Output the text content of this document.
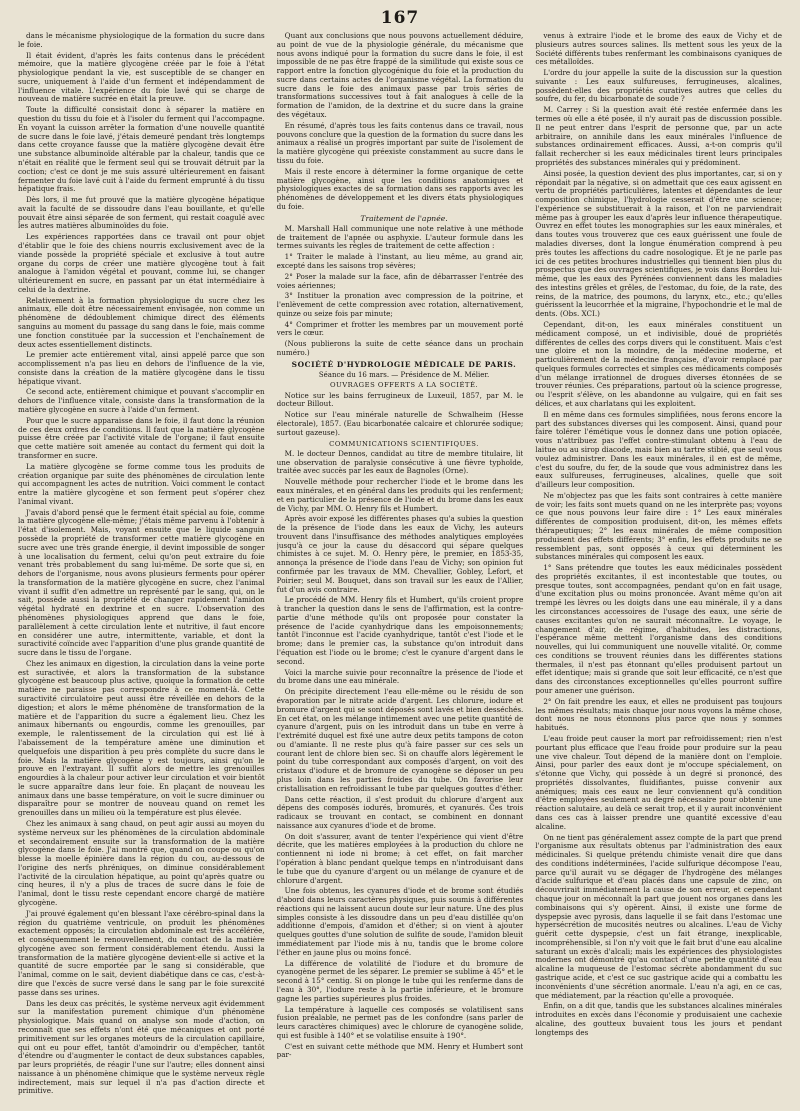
167

dans le mécanisme physiologique de la formation du sucre dans le foie.

Il était évident, d'après les faits contenus dans le précédent mémoire, que la matière glycogène créée par le foie à l'état physiologique pendant la vie, est susceptible de se changer en sucre, uniquement à l'aide d'un ferment et indépendamment de l'influence vitale. L'expérience du foie lavé qui se charge de nouveau de matière sucrée en était la preuve.

Toute la difficulté consistait donc à séparer la matière en question du tissu du foie et à l'isoler du ferment qui l'accompagne. En voyant la cuisson arrêter la formation d'une nouvelle quantité de sucre dans le foie lavé, j'étais demeuré pendant très longtemps dans cette croyance fausse que la matière glycogène devait être une substance albuminoïde altérable par la chaleur, tandis que ce n'était en réalité que le ferment seul qui se trouvait détruit par la coction; c'est ce dont je me suis assuré ultérieurement en faisant fermenter du foie lavé cuit à l'aide du ferment emprunté à du tissu hépatique frais.

Dès lors, il me fut prouvé que la matière glycogène hépatique avait la faculté de se dissoudre dans l'eau bouillante, et qu'elle pouvait être ainsi séparée de son ferment, qui restait coagulé avec les autres matières albuminoïdes du foie.

Les expériences rapportées dans ce travail ont pour objet d'établir que le foie des chiens nourris exclusivement avec de la viande possède la propriété spéciale et exclusive à tout autre organe du corps de créer une matière glycogène tout à fait analogue à l'amidon végétal et pouvant, comme lui, se changer ultérieurement en sucre, en passant par un état intermédiaire à celui de la dextrine.

Relativement à la formation physiologique du sucre chez les animaux, elle doit être nécessairement envisagée, non comme un phénomène de dédoublement chimique direct des éléments sanguins au moment du passage du sang dans le foie, mais comme une fonction constituée par la succession et l'enchaînement de deux actes essentiellement distincts.

Le premier acte entièrement vital, ainsi appelé parce que son accomplissement n'a pas lieu en dehors de l'influence de la vie, consiste dans la création de la matière glycogène dans le tissu hépatique vivant.

Ce second acte, entièrement chimique et pouvant s'accomplir en dehors de l'influence vitale, consiste dans la transformation de la matière glycogène en sucre à l'aide d'un ferment.

Pour que le sucre apparaisse dans le foie, il faut donc la réunion de ces deux ordres de conditions. Il faut que la matière glycogène puisse être créée par l'activité vitale de l'organe; il faut ensuite que cette matière soit amenée au contact du ferment qui doit la transformer en sucre.

La matière glycogène se forme comme tous les produits de création organique par suite des phénomènes de circulation lente qui accompagnent les actes de nutrition. Voici comment le contact entre la matière glycogène et son ferment peut s'opérer chez l'animal vivant.

J'avais d'abord pensé que le ferment était spécial au foie, comme la matière glycogène elle-même; j'étais même parvenu à l'obtenir à l'état d'isolement. Mais, voyant ensuite que le liquide sanguin possède la propriété de transformer cette matière glycogène en sucre avec une très grande énergie, il devint impossible de songer à une localisation du ferment, celui qu'on peut extraire du foie venant très probablement du sang lui-même. De sorte que si, en dehors de l'organisme, nous avons plusieurs ferments pour opérer la transformation de la matière glycogène en sucre, chez l'animal vivant il suffit d'en admettre un représenté par le sang, qui, on le sait, possède aussi la propriété de changer rapidement l'amidon végétal hydraté en dextrine et en sucre. L'observation des phénomènes physiologiques apprend que dans le foie, parallèlement à cette circulation lente et nutritive, il faut encore en considérer une autre, intermittente, variable, et dont la suractivité coïncide avec l'apparition d'une plus grande quantité de sucre dans le tissu de l'organe.

Chez les animaux en digestion, la circulation dans la veine porte est suractivée, et alors la transformation de la substance glycogène est beaucoup plus active, quoique la formation de cette matière ne paraisse pas correspondre à ce moment-là. Cette suractivité circulatoire peut aussi être réveillée en dehors de la digestion; et alors le même phénomène de transformation de la matière et de l'apparition du sucre a également lieu. Chez les animaux hibernants ou engourdis, comme les grenouilles, par exemple, le ralentissement de la circulation qui est lié à l'abaissement de la température amène une diminution et quelquefois une disparition à peu près complète du sucre dans le foie. Mais la matière glycogène y est toujours, ainsi qu'on le prouve en l'extrayant. Il suffit alors de mettre les grenouilles engourdies à la chaleur pour activer leur circulation et voir bientôt le sucre apparaître dans leur foie. En plaçant de nouveau les animaux dans une basse température, on voit le sucre diminuer ou disparaître pour se montrer de nouveau quand on remet les grenouilles dans un milieu où la température est plus élevée.

Chez les animaux à sang chaud, on peut agir aussi au moyen du système nerveux sur les phénomènes de la circulation abdominale et secondairement ensuite sur la transformation de la matière glycogène dans le foie. J'ai montré que, quand on coupe ou qu'on blesse la moelle épinière dans la région du cou, au-dessous de l'origine des nerfs phréniques, on diminue considérablement l'activité de la circulation hépatique, au point qu'après quatre ou cinq heures, il n'y a plus de traces de sucre dans le foie de l'animal, dont le tissu reste cependant encore chargé de matière glycogène.

J'ai prouvé également qu'en blessant l'axe cérébro-spinal dans la région du quatrième ventricule, on produit les phénomènes exactement opposés; la circulation abdominale est très accélérée, et conséquemment le renouvellement, du contact de la matière glycogène avec son ferment considérablement étendu. Aussi la transformation de la matière glycogène devient-elle si active et la quantité de sucre emportée par le sang si considérable, que l'animal, comme on le sait, devient diabétique dans ce cas, c'est-à-dire que l'excès de sucre versé dans le sang par le foie surexcité passe dans ses urines.

Dans les deux cas précités, le système nerveux agit évidemment sur la manifestation purement chimique d'un phénomène physiologique. Mais quand on analyse son mode d'action, on reconnaît que ses effets n'ont été que mécaniques et ont porté primitivement sur les organes moteurs de la circulation capillaire, qui ont eu pour effet, tantôt d'amoindrir ou d'empêcher, tantôt d'étendre ou d'augmenter le contact de deux substances capables, par leurs propriétés, de réagir l'une sur l'autre; elles donnent ainsi naissance à un phénomène chimique que le système nerveux règle indirectement, mais sur lequel il n'a pas d'action directe et primitive.

Quant aux conclusions que nous pouvons actuellement déduire, au point de vue de la physiologie générale, du mécanisme que nous avons indiqué pour la formation du sucre dans le foie, il est impossible de ne pas être frappé de la similitude qui existe sous ce rapport entre la fonction glycogénique du foie et la production du sucre dans certains actes de l'organisme végétal. La formation du sucre dans le foie des animaux passe par trois séries de transformations successives tout à fait analogues à celle de la formation de l'amidon, de la dextrine et du sucre dans la graine des végétaux.

En résumé, d'après tous les faits contenus dans ce travail, nous pouvons conclure que la question de la formation du sucre dans les animaux a réalisé un progrès important par suite de l'isolement de la matière glycogène qui préexiste constamment au sucre dans le tissu du foie.

Mais il reste encore à déterminer la forme organique de cette matière glycogène, ainsi que les conditions anatomiques et physiologiques exactes de sa formation dans ses rapports avec les phénomènes de développement et les divers états physiologiques du foie.

Traitement de l'apnée.

M. Marshall Hall communique une note relative à une méthode de traitement de l'apnée ou asphyxie. L'auteur formule dans les termes suivants les règles de traitement de cette affection :

1° Traiter le malade à l'instant, au lieu même, au grand air, excepté dans les saisons trop sévères;

2° Poser la malade sur la face, afin de débarrasser l'entrée des voies aériennes;

3° Instituer la pronation avec compression de la poitrine, et l'enlèvement de cette compression avec rotation, alternativement, quinze ou seize fois par minute;

4° Comprimer et frotter les membres par un mouvement porté vers le cœur.

(Nous publierons la suite de cette séance dans un prochain numéro.)

SOCIÉTÉ D'HYDROLOGIE MÉDICALE DE PARIS.

Séance du 16 mars. — Présidence de M. Mélier.

OUVRAGES OFFERTS A LA SOCIÉTÉ.

Notice sur les bains ferrugineux de Luxeuil, 1857, par M. le docteur Billout.

Notice sur l'eau minérale naturelle de Schwalheim (Hesse électorale), 1857. (Eau bicarbonatée calcaire et chlorurée sodique; surtout gazeuse).

COMMUNICATIONS SCIENTIFIQUES.

M. le docteur Dennos, candidat au titre de membre titulaire, lit une observation de paralysie consécutive à une fièvre typhoïde, traitée avec succès par les eaux de Bagnoles (Orne).

Nouvelle méthode pour rechercher l'iode et le brome dans les eaux minérales, et en général dans les produits qui les renferment; et en particulier de la présence de l'iode et du brome dans les eaux de Vichy, par MM. O. Henry fils et Humbert.

Après avoir exposé les différentes phases qu'a subies la question de la présence de l'iode dans les eaux de Vichy, les auteurs trouvent dans l'insuffisance des méthodes analytiques employées jusqu'à ce jour la cause du désaccord qui sépare quelques chimistes à ce sujet. M. O. Henry père, le premier, en 1853-35, annonça la présence de l'iode dans l'eau de Vichy; son opinion fut confirmée par les travaux de MM. Chevallier, Gobley, Lefort, et Poirier; seul M. Bouquet, dans son travail sur les eaux de l'Allier, fut d'un avis contraire.

Le procédé de MM. Henry fils et Humbert, qu'ils croient propre à trancher la question dans le sens de l'affirmation, est la contre-partie d'une méthode qu'ils ont proposée pour constater la présence de l'acide cyanhydrique dans les empoisonnements; tantôt l'inconnue est l'acide cyanhydrique, tantôt c'est l'iode et le brome; dans le premier cas, la substance qu'on introduit dans l'équation est l'iode ou le brome; c'est le cyanure d'argent dans le second.

Voici la marche suivie pour reconnaître la présence de l'iode et du brome dans une eau minérale.

On précipite directement l'eau elle-même ou le résidu de son évaporation par le nitrate acide d'argent. Les chlorure, iodure et bromure d'argent qui se sont déposés sont lavés et bien desséchés. En cet état, on les mélange intimement avec une petite quantité de cyanure d'argent, puis on les introduit dans un tube en verre à l'extrémité duquel est fixé une autre deux petits tampons de coton ou d'amiante. Il ne reste plus qu'à faire passer sur ces sels un courant lent de chlore bien sec. Si on chauffe alors légèrement le point du tube correspondant aux composés d'argent, on voit des cristaux d'iodure et de bromure de cyanogène se déposer un peu plus loin dans les parties froides du tube. On favorise leur cristallisation en refroidissant le tube par quelques gouttes d'éther.

Dans cette réaction, il s'est produit du chlorure d'argent aux dépens des composés iodurés, bromurés, et cyanurés. Ces trois radicaux se trouvant en contact, se combinent en donnant naissance aux cyanures d'iode et de brome.

On doit s'assurer, avant de tenter l'expérience qui vient d'être décrite, que les matières employées à la production du chlore ne contiennent ni iode ni brome; à cet effet, on fait marcher l'opération à blanc pendant quelque temps en n'introduisant dans le tube que du cyanure d'argent ou un mélange de cyanure et de chlorure d'argent.

Une fois obtenus, les cyanures d'iode et de brome sont étudiés d'abord dans leurs caractères physiques, puis soumis à différentes réactions qui ne laissent aucun doute sur leur nature. Une des plus simples consiste à les dissoudre dans un peu d'eau distillée qu'on additionne d'empois, d'amidon et d'éther; si on vient à ajouter quelques gouttes d'une solution de sulfite de soude, l'amidon bleuit immédiatement par l'iode mis à nu, tandis que le brome colore l'éther en jaune plus ou moins foncé.

La différence de volatilité de l'iodure et du bromure de cyanogène permet de les séparer. Le premier se sublime à 45° et le second à 15° centig. Si on plonge le tube qui les renferme dans de l'eau à 30°, l'iodure reste à la partie inférieure, et le bromure gagne les parties supérieures plus froides.

La température à laquelle ces composés se volatilisent sans fusion préalable, ne permet pas de les confondre (sans parler de leurs caractères chimiques) avec le chlorure de cyanogène solide, qui est fusible à 140° et se volatilise ensuite à 190°.

C'est en suivant cette méthode que MM. Henry et Humbert sont par-

venus à extraire l'iode et le brome des eaux de Vichy et de plusieurs autres sources salines. Ils mettent sous les yeux de la Société différents tubes renfermant les combinaisons cyaniques de ces métalloïdes.

L'ordre du jour appelle la suite de la discussion sur la question suivante : Les eaux sulfureuses, ferrugineuses, alcalines, possèdent-elles des propriétés curatives autres que celles du soufre, du fer, du bicarbonate de soude ?

M. Carrey : Si la question avait été restée enfermée dans les termes où elle a été posée, il n'y aurait pas de discussion possible. Il ne peut entrer dans l'esprit de personne que, par un acte arbitraire, on annihile dans les eaux minérales l'influence de substances ordinairement efficaces. Aussi, a-t-on compris qu'il fallait rechercher si les eaux médicinales tirent leurs principales propriétés des substances minérales qui y prédominent.

Ainsi posée, la question devient des plus importantes, car, si on y répondait par la négative, si on admettait que ces eaux agissent en vertu de propriétés particulières, latentes et dépendantes de leur composition chimique, l'hydrologie cesserait d'être une science; l'expérience se substituerait à la raison, et l'on ne parviendrait même pas à grouper les eaux d'après leur influence thérapeutique. Ouvrez en effet toutes les monographies sur les eaux minérales, et dans toutes vous trouverez que ces eaux guérissent une foule de maladies diverses, dont la longue énumération comprend à peu près toutes les affections du cadre nosologique. Et je ne parle pas ici de ces petites brochures industrielles qui tiennent bien plus du prospectus que des ouvrages scientifiques, je vois dans Bordeu lui-même, que les eaux des Pyrénées conviennent dans les maladies des intestins grêles et grêles, de l'estomac, du foie, de la rate, des reins, de la matrice, des poumons, du larynx, etc., etc.; qu'elles guérissent la leucorrhée et la migraine, l'hypochondrie et le mal de dents. (Obs. XCI.)

Cependant, dit-on, les eaux minérales constituent un médicament composé, un et indivisible, doué de propriétés différentes de celles des corps divers qui le constituent. Mais c'est une gloire et non la moindre, de la médecine moderne, et particulièrement de la médecine française, d'avoir remplacé par quelques formules correctes et simples ces médicaments composés d'un mélange irrationnel de drogues diverses étonnées de se trouver réunies. Ces préparations, partout où la science progresse, ou l'esprit s'élève, on les abandonne au vulgaire, qui en fait ses délices, et aux charlatans qui les exploitent.

Il en même dans ces formules simplifiées, nous ferons encore la part des substances diverses qui les composent. Ainsi, quand pour faire tolérer l'émétique vous le donnez dans une potion opiacée, vous n'attribuez pas l'effet contre-stimulant obtenu à l'eau de laitue ou au sirop diacode, mais bien au tartre stibié, que seul vous voulez administrer. Dans les eaux minérales, il en est de même, c'est du soufre, du fer, de la soude que vous administrez dans les eaux sulfureuses, ferrugineuses, alcalines, quelle que soit d'ailleurs leur composition.

Ne m'objectez pas que les faits sont contraires à cette manière de voir; les faits sont muets quand on ne les interprète pas; voyons ce que nous pouvons leur faire dire : 1° Les eaux minérales différentes de composition produisent, dit-on, les mêmes effets thérapeutiques; 2° les eaux minérales de même composition produisent des effets différents; 3° enfin, les effets produits ne se ressemblent pas, sont opposés à ceux qui déterminent les substances minérales qui composent les eaux.

1° Sans prétendre que toutes les eaux médicinales possèdent des propriétés excitantes, il est incontestable que toutes, ou presque toutes, sont accompagnées, pendant qu'on en fait usage, d'une excitation plus ou moins prononcée. Avant même qu'on ait trempé les lèvres ou les doigts dans une eau minérale, il y a dans les circonstances accessoires de l'usage des eaux, une série de causes excitantes qu'on ne saurait méconnaître. Le voyage, le changement d'air, de régime, d'habitudes, les distractions, l'espérance même mettent l'organisme dans des conditions nouvelles, qui lui communiquent une nouvelle vitalité. Or, comme ces conditions se trouvent réunies dans les différentes stations thermales, il n'est pas étonnant qu'elles produisent partout un effet identique; mais si grande que soit leur efficacité, ce n'est que dans des circonstances exceptionnelles qu'elles pourront suffire pour amener une guérison.

2° On fait prendre les eaux, et elles ne produisent pas toujours les mêmes résultats; mais chaque jour nous voyons la même chose, dont nous ne nous étonnons plus parce que nous y sommes habitués.

L'eau froide peut causer la mort par refroidissement; rien n'est pourtant plus efficace que l'eau froide pour produire sur la peau une vive chaleur. Tout dépend de la manière dont on l'emploie. Ainsi, pour parler des eaux dont je m'occupe spécialement, on s'étonne que Vichy, qui possède à un degré si prononcé, des propriétés dissolvantes, fluidifiantes, puisse convenir aux anémiques; mais ces eaux ne leur conviennent qu'à condition d'être employées seulement au degré nécessaire pour obtenir une réaction salutaire, au delà ce serait trop, et il y aurait inconvénient dans ces cas à laisser prendre une quantité excessive d'eau alcaline.

On ne tient pas généralement assez compte de la part que prend l'organisme aux résultats obtenus par l'administration des eaux médicinales. Si quelque prétendu chimiste venait dire que dans des conditions indéterminées, l'acide sulfurique décompose l'eau, parce qu'il aurait vu se dégager de l'hydrogène des mélanges d'acide sulfurique et d'eau placés dans une capsule de zinc, on découvrirait immédiatement la cause de son erreur, et cependant chaque jour on méconnaît la part que jouent nos organes dans les combinaisons qui s'y opèrent. Ainsi, il existe une forme de dyspepsie avec pyrosis, dans laquelle il se fait dans l'estomac une hypersécrétion de mucosités neutres ou alcalines. L'eau de Vichy guérit cette dyspepsie, c'est un fait étrange, inexplicable, incompréhensible, si l'on n'y voit que le fait brut d'une eau alcaline saturant un excès d'alcali; mais les expériences des physiologistes modernes ont démontré qu'au contact d'une petite quantité d'eau alcaline la muqueuse de l'estomac sécrète abondamment du suc gastrique acide, et c'est ce suc gastrique acide qui a combattu les inconvénients d'une sécrétion anormale. L'eau n'a agi, en ce cas, que médiatement, par la réaction qu'elle a provoquée.

Enfin, on a dit que, tandis que les substances alcalines minérales introduites en excès dans l'économie y produisaient une cachexie alcaline, des goutteux buvaient tous les jours et pendant longtemps des
